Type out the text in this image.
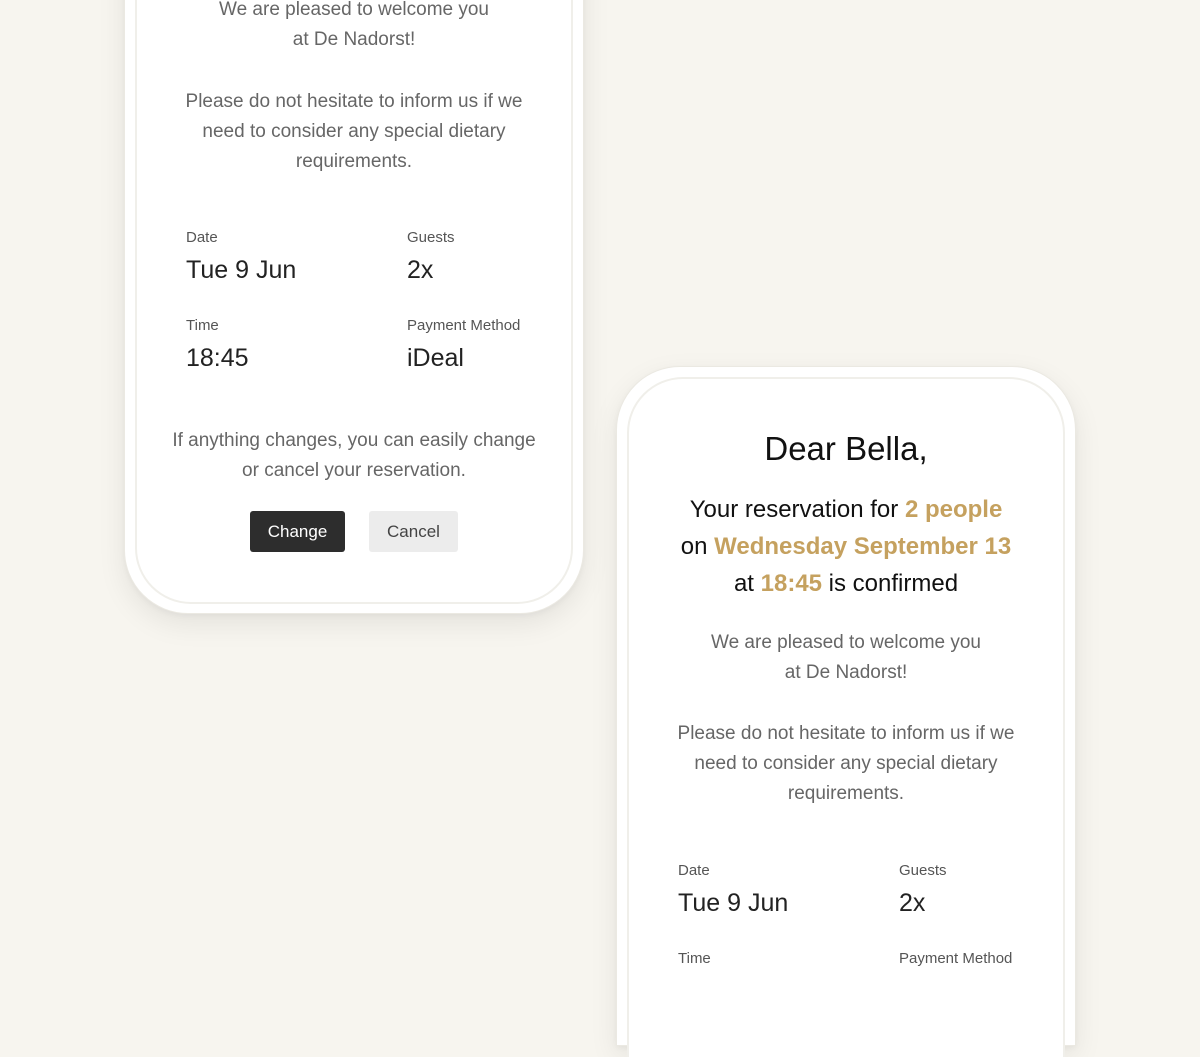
We are pleased to welcome you
at De Nadorst!
Please do not hesitate to inform us if we
need to consider any special dietary
requirements.
Date
Tue 9 Jun
Guests
2x
Time
18:45
Payment Method
iDeal
If anything changes, you can easily change
or cancel your reservation.
Change	Cancel
Dear Bella,
Your reservation for 2 people
on Wednesday September 13
at 18:45 is confirmed
We are pleased to welcome you
at De Nadorst!
Please do not hesitate to inform us if we
need to consider any special dietary
requirements.
Date
Tue 9 Jun
Guests
2x
Time	Payment Method
